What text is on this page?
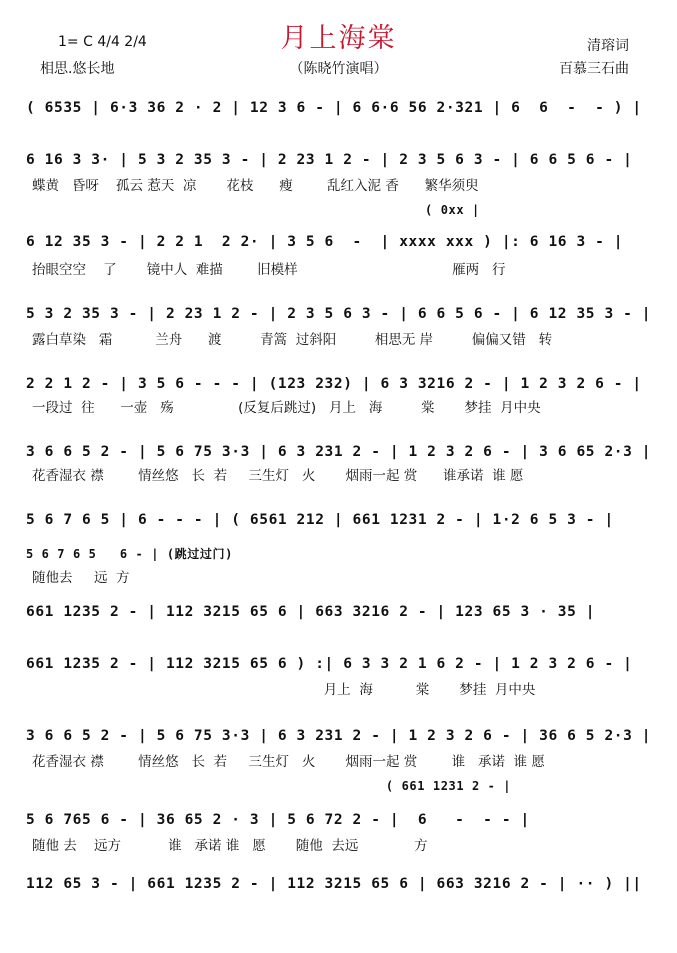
1= C 4/4 2/4	月上海棠	清瑢词
相思.悠长地	（陈晓竹演唱）	百慕三石曲
( 6535 | 6·3 36 2 · 2 | 12 3 6 - | 6 6·6 56 2·321 | 6  6  -  - ) |
6 16 3 3· | 5 3 2 35 3 - | 2 23 1 2 - | 2 3 5 6 3 - | 6 6 5 6 - |
蝶黄   昏呀    孤云 惹天  凉       花枝      瘦        乱红入泥 香      繁华须臾
( 0xx |
6 12 35 3 - | 2 2 1  2 2· | 3 5 6  -  | xxxx xxx ) |: 6 16 3 - |
抬眼空空    了       镜中人  难描        旧模样                                    雁两   行
5 3 2 35 3 - | 2 23 1 2 - | 2 3 5 6 3 - | 6 6 5 6 - | 6 12 35 3 - |
露白草染   霜          兰舟      渡         青篙  过斜阳         相思无 岸         偏偏又错   转
2 2 1 2 - | 3 5 6 - - - | (123 232) | 6 3 3216 2 - | 1 2 3 2 6 - |
一段过  往      一壶   殇               (反复后跳过)   月上   海         棠       梦挂  月中央
3 6 6 5 2 - | 5 6 75 3·3 | 6 3 231 2 - | 1 2 3 2 6 - | 3 6 65 2·3 |
花香湿衣 襟        情丝悠   长  若     三生灯   火       烟雨一起 赏      谁承诺  谁 愿
5 6 7 6 5 | 6 - - - | ( 6561 212 | 661 1231 2 - | 1·2 6 5 3 - |
5 6 7 6 5   6 - | (跳过过门)
随他去     远  方
661 1235 2 - | 112 3215 65 6 | 663 3216 2 - | 123 65 3 · 35 |
661 1235 2 - | 112 3215 65 6 ) :| 6 3 3 2 1 6 2 - | 1 2 3 2 6 - |
月上  海          棠       梦挂  月中央
3 6 6 5 2 - | 5 6 75 3·3 | 6 3 231 2 - | 1 2 3 2 6 - | 36 6 5 2·3 |
花香湿衣 襟        情丝悠   长  若     三生灯   火       烟雨一起 赏        谁   承诺  谁 愿
( 661 1231 2 - |
5 6 765 6 - | 36 65 2 · 3 | 5 6 72 2 - |  6   -  - - |
随他 去    远方           谁   承诺 谁   愿       随他  去远             方
112 65 3 - | 661 1235 2 - | 112 3215 65 6 | 663 3216 2 - | ·· ) ||
